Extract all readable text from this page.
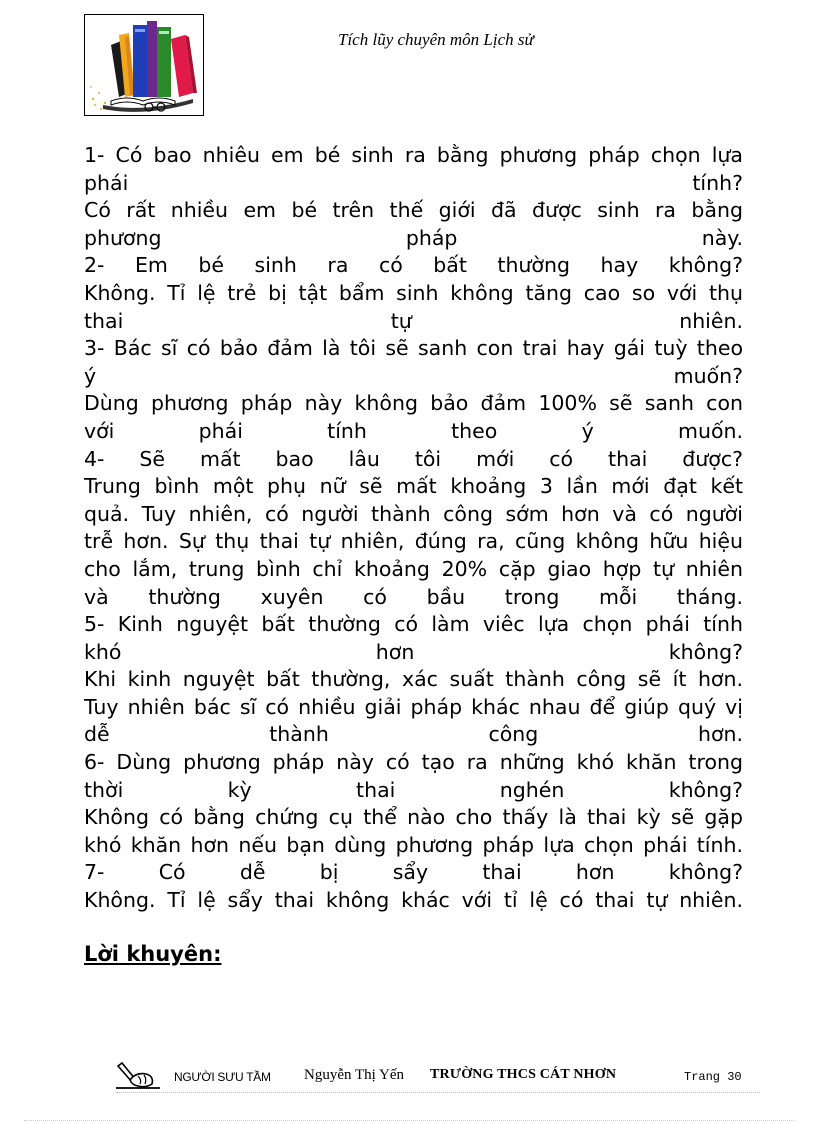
Tích lũy chuyên môn Lịch sử
1- Có bao nhiêu em bé sinh ra bằng phương pháp chọn lựa
phái tính?
Có rất nhiều em bé trên thế giới đã được sinh ra bằng
phương pháp này.
2- Em bé sinh ra có bất thường hay không?
Không. Tỉ lệ trẻ bị tật bẩm sinh không tăng cao so với thụ
thai tự nhiên.
3- Bác sĩ có bảo đảm là tôi sẽ sanh con trai hay gái tuỳ theo
ý muốn?
Dùng phương pháp này không bảo đảm 100% sẽ sanh con
với phái tính theo ý muốn.
4- Sẽ mất bao lâu tôi mới có thai được?
Trung bình một phụ nữ sẽ mất khoảng 3 lần mới đạt kết
quả. Tuy nhiên, có người thành công sớm hơn và có người
trễ hơn. Sự thụ thai tự nhiên, đúng ra, cũng không hữu hiệu
cho lắm, trung bình chỉ khoảng 20% cặp giao hợp tự nhiên
và thường xuyên có bầu trong mỗi tháng.
5- Kinh nguyệt bất thường có làm viêc lựa chọn phái tính
khó hơn không?
Khi kinh nguyệt bất thường, xác suất thành công sẽ ít hơn.
Tuy nhiên bác sĩ có nhiều giải pháp khác nhau để giúp quý vị
dễ thành công hơn.
6- Dùng phương pháp này có tạo ra những khó khăn trong
thời kỳ thai nghén không?
Không có bằng chứng cụ thể nào cho thấy là thai kỳ sẽ gặp
khó khăn hơn nếu bạn dùng phương pháp lựa chọn phái tính.
7- Có dễ bị sẩy thai hơn không?
Không. Tỉ lệ sẩy thai không khác với tỉ lệ có thai tự nhiên.
Lời khuyên:
NGƯỜI SƯU TẦM Nguyễn Thị Yến TRƯỜNG THCS CÁT NHƠN	Trang 30
